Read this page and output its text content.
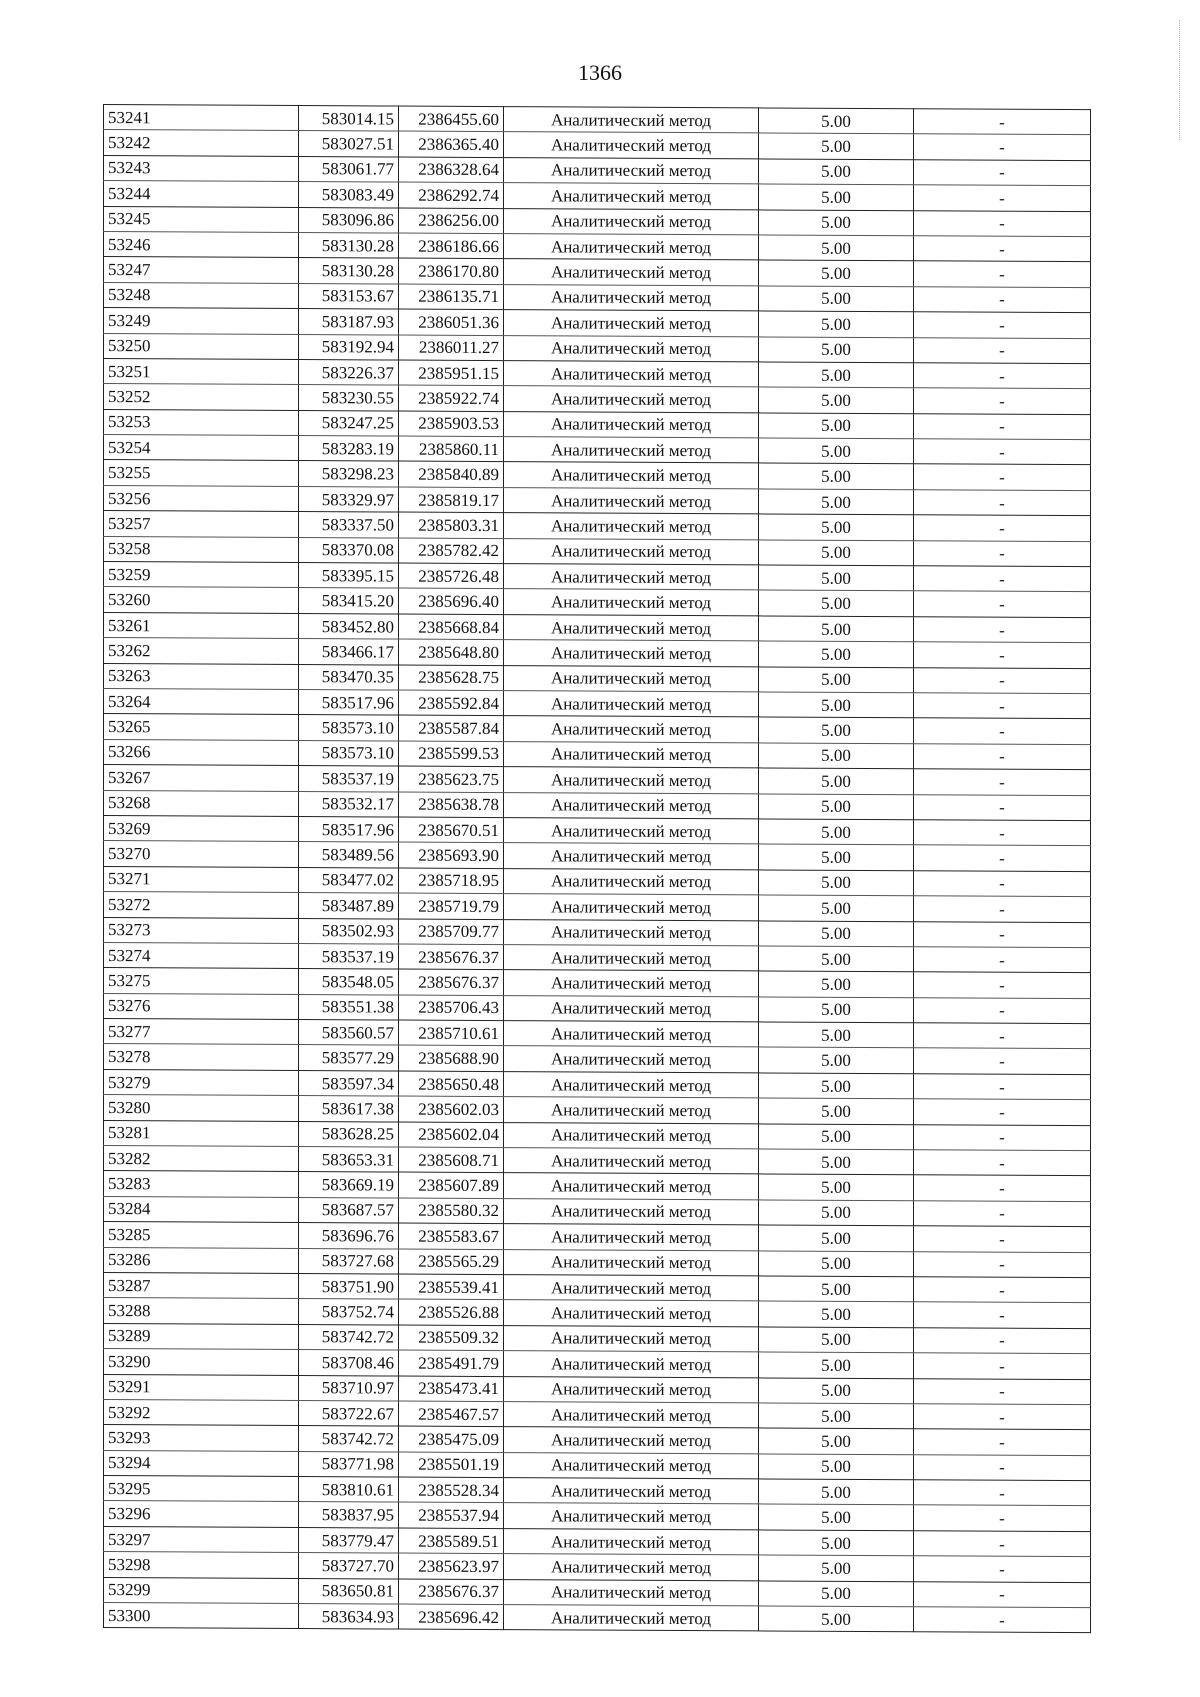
1366
53241	583014.15	2386455.60	Аналитический метод	5.00	-
53242	583027.51	2386365.40	Аналитический метод	5.00	-
53243	583061.77	2386328.64	Аналитический метод	5.00	-
53244	583083.49	2386292.74	Аналитический метод	5.00	-
53245	583096.86	2386256.00	Аналитический метод	5.00	-
53246	583130.28	2386186.66	Аналитический метод	5.00	-
53247	583130.28	2386170.80	Аналитический метод	5.00	-
53248	583153.67	2386135.71	Аналитический метод	5.00	-
53249	583187.93	2386051.36	Аналитический метод	5.00	-
53250	583192.94	2386011.27	Аналитический метод	5.00	-
53251	583226.37	2385951.15	Аналитический метод	5.00	-
53252	583230.55	2385922.74	Аналитический метод	5.00	-
53253	583247.25	2385903.53	Аналитический метод	5.00	-
53254	583283.19	2385860.11	Аналитический метод	5.00	-
53255	583298.23	2385840.89	Аналитический метод	5.00	-
53256	583329.97	2385819.17	Аналитический метод	5.00	-
53257	583337.50	2385803.31	Аналитический метод	5.00	-
53258	583370.08	2385782.42	Аналитический метод	5.00	-
53259	583395.15	2385726.48	Аналитический метод	5.00	-
53260	583415.20	2385696.40	Аналитический метод	5.00	-
53261	583452.80	2385668.84	Аналитический метод	5.00	-
53262	583466.17	2385648.80	Аналитический метод	5.00	-
53263	583470.35	2385628.75	Аналитический метод	5.00	-
53264	583517.96	2385592.84	Аналитический метод	5.00	-
53265	583573.10	2385587.84	Аналитический метод	5.00	-
53266	583573.10	2385599.53	Аналитический метод	5.00	-
53267	583537.19	2385623.75	Аналитический метод	5.00	-
53268	583532.17	2385638.78	Аналитический метод	5.00	-
53269	583517.96	2385670.51	Аналитический метод	5.00	-
53270	583489.56	2385693.90	Аналитический метод	5.00	-
53271	583477.02	2385718.95	Аналитический метод	5.00	-
53272	583487.89	2385719.79	Аналитический метод	5.00	-
53273	583502.93	2385709.77	Аналитический метод	5.00	-
53274	583537.19	2385676.37	Аналитический метод	5.00	-
53275	583548.05	2385676.37	Аналитический метод	5.00	-
53276	583551.38	2385706.43	Аналитический метод	5.00	-
53277	583560.57	2385710.61	Аналитический метод	5.00	-
53278	583577.29	2385688.90	Аналитический метод	5.00	-
53279	583597.34	2385650.48	Аналитический метод	5.00	-
53280	583617.38	2385602.03	Аналитический метод	5.00	-
53281	583628.25	2385602.04	Аналитический метод	5.00	-
53282	583653.31	2385608.71	Аналитический метод	5.00	-
53283	583669.19	2385607.89	Аналитический метод	5.00	-
53284	583687.57	2385580.32	Аналитический метод	5.00	-
53285	583696.76	2385583.67	Аналитический метод	5.00	-
53286	583727.68	2385565.29	Аналитический метод	5.00	-
53287	583751.90	2385539.41	Аналитический метод	5.00	-
53288	583752.74	2385526.88	Аналитический метод	5.00	-
53289	583742.72	2385509.32	Аналитический метод	5.00	-
53290	583708.46	2385491.79	Аналитический метод	5.00	-
53291	583710.97	2385473.41	Аналитический метод	5.00	-
53292	583722.67	2385467.57	Аналитический метод	5.00	-
53293	583742.72	2385475.09	Аналитический метод	5.00	-
53294	583771.98	2385501.19	Аналитический метод	5.00	-
53295	583810.61	2385528.34	Аналитический метод	5.00	-
53296	583837.95	2385537.94	Аналитический метод	5.00	-
53297	583779.47	2385589.51	Аналитический метод	5.00	-
53298	583727.70	2385623.97	Аналитический метод	5.00	-
53299	583650.81	2385676.37	Аналитический метод	5.00	-
53300	583634.93	2385696.42	Аналитический метод	5.00	-
